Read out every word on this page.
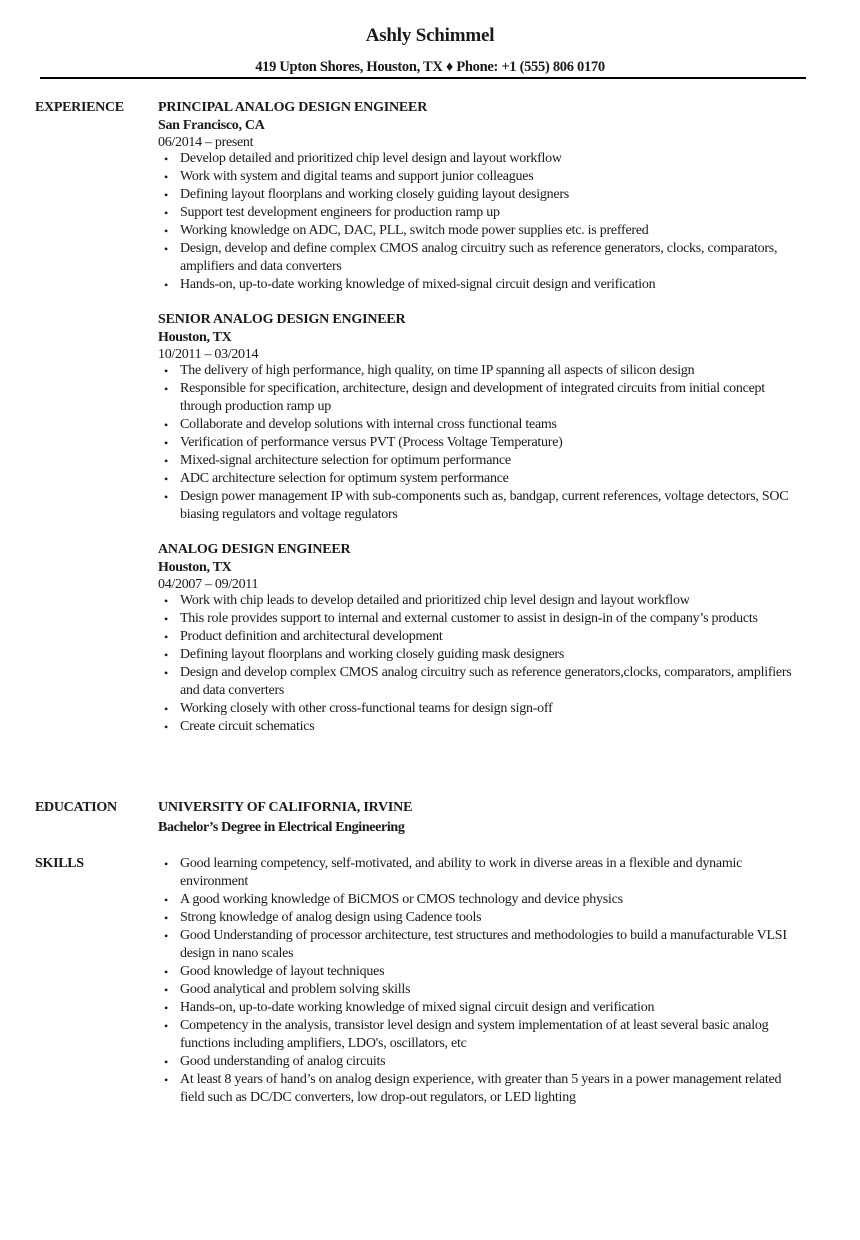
Ashly Schimmel
419 Upton Shores, Houston, TX ♦ Phone: +1 (555) 806 0170
EXPERIENCE PRINCIPAL ANALOG DESIGN ENGINEER
San Francisco, CA
06/2014 – present
• Develop detailed and prioritized chip level design and layout workflow
• Work with system and digital teams and support junior colleagues
• Defining layout floorplans and working closely guiding layout designers
• Support test development engineers for production ramp up
• Working knowledge on ADC, DAC, PLL, switch mode power supplies etc. is preffered
• Design, develop and define complex CMOS analog circuitry such as reference generators, clocks, comparators, amplifiers and data converters
• Hands-on, up-to-date working knowledge of mixed-signal circuit design and verification
SENIOR ANALOG DESIGN ENGINEER
Houston, TX
10/2011 – 03/2014
• The delivery of high performance, high quality, on time IP spanning all aspects of silicon design
• Responsible for specification, architecture, design and development of integrated circuits from initial concept through production ramp up
• Collaborate and develop solutions with internal cross functional teams
• Verification of performance versus PVT (Process Voltage Temperature)
• Mixed-signal architecture selection for optimum performance
• ADC architecture selection for optimum system performance
• Design power management IP with sub-components such as, bandgap, current references, voltage detectors, SOC biasing regulators and voltage regulators
ANALOG DESIGN ENGINEER
Houston, TX
04/2007 – 09/2011
• Work with chip leads to develop detailed and prioritized chip level design and layout workflow
• This role provides support to internal and external customer to assist in design-in of the company’s products
• Product definition and architectural development
• Defining layout floorplans and working closely guiding mask designers
• Design and develop complex CMOS analog circuitry such as reference generators,clocks, comparators, amplifiers and data converters
• Working closely with other cross-functional teams for design sign-off
• Create circuit schematics
EDUCATION	UNIVERSITY OF CALIFORNIA, IRVINE
Bachelor’s Degree in Electrical Engineering
SKILLS	• Good learning competency, self-motivated, and ability to work in diverse areas in a flexible and dynamic environment
• A good working knowledge of BiCMOS or CMOS technology and device physics
• Strong knowledge of analog design using Cadence tools
• Good Understanding of processor architecture, test structures and methodologies to build a manufacturable VLSI design in nano scales
• Good knowledge of layout techniques
• Good analytical and problem solving skills
• Hands-on, up-to-date working knowledge of mixed signal circuit design and verification
• Competency in the analysis, transistor level design and system implementation of at least several basic analog functions including amplifiers, LDO's, oscillators, etc
• Good understanding of analog circuits
• At least 8 years of hand’s on analog design experience, with greater than 5 years in a power management related field such as DC/DC converters, low drop-out regulators, or LED lighting
